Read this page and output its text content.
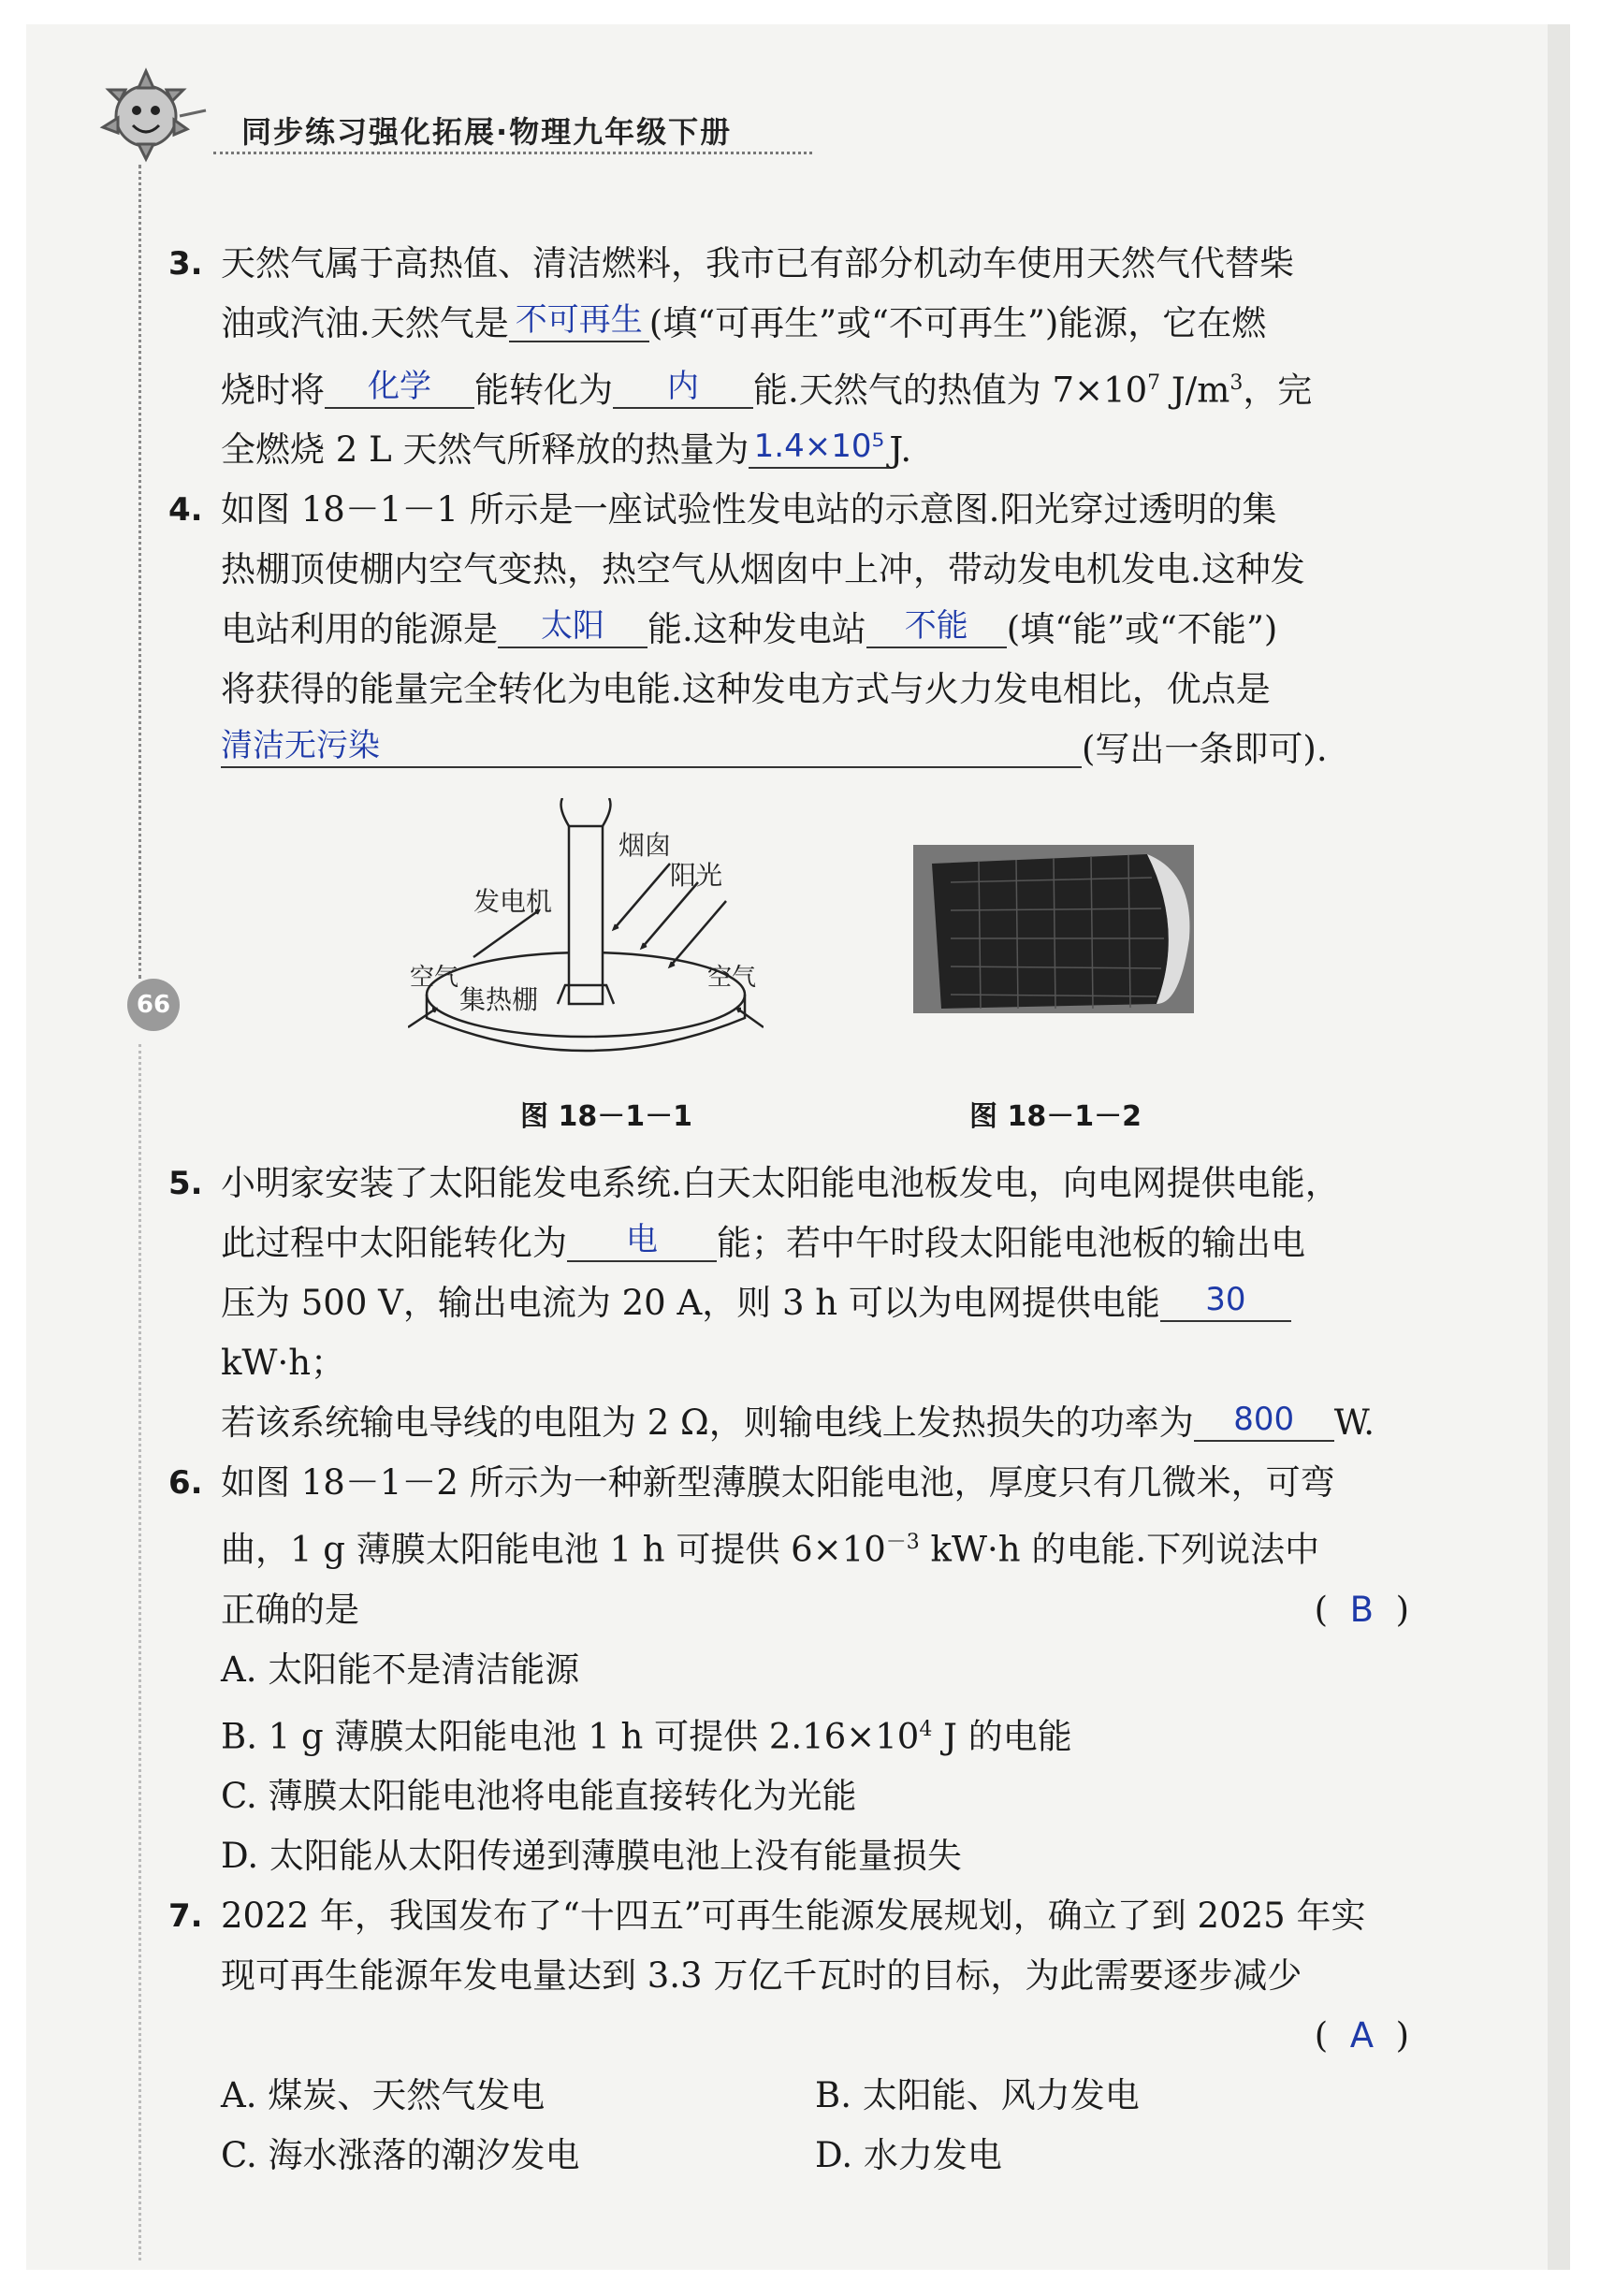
同步练习强化拓展·物理九年级下册
66

3. 天然气属于高热值、清洁燃料，我市已有部分机动车使用天然气代替柴

油或汽油.天然气是 不可再生 (填“可再生”或“不可再生”)能源，它在燃

烧时将	化学	能转化为	内	能.天然气的热值为 $7\times 10^7$ $J/m^3$，完

全燃烧 2 L 天然气所释放的热量为 1.4×10⁵ J.

4. 如图 18－1－1 所示是一座试验性发电站的示意图.阳光穿过透明的集

热棚顶使棚内空气变热，热空气从烟囱中上冲，带动发电机发电.这种发

电站利用的能源是	太阳	能.这种发电站	不能	(填“能”或“不能”)

将获得的能量完全转化为电能.这种发电方式与火力发电相比，优点是

清洁无污染	(写出一条即可).

烟囱
阳光
发电机
空气	空气
集热棚
图 18－1－1	图 18－1－2

5. 小明家安装了太阳能发电系统.白天太阳能电池板发电，向电网提供电能，

此过程中太阳能转化为	电	能；若中午时段太阳能电池板的输出电

压为 500 V，输出电流为 20 A，则 3 h 可以为电网提供电能	30
kW·h；

若该系统输电导线的电阻为 2 Ω，则输电线上发热损失的功率为	800	W.

6. 如图 18－1－2 所示为一种新型薄膜太阳能电池，厚度只有几微米，可弯

曲，1 g 薄膜太阳能电池 1 h 可提供 $6\times 10^{-3}$ kW·h 的电能.下列说法中

正确的是	( B )

A. 太阳能不是清洁能源
B. 1 g 薄膜太阳能电池 1 h 可提供 $2.16\times 10^4$ J 的电能
C. 薄膜太阳能电池将电能直接转化为光能
D. 太阳能从太阳传递到薄膜电池上没有能量损失

7. 2022 年，我国发布了“十四五”可再生能源发展规划，确立了到 2025 年实

现可再生能源年发电量达到 3.3 万亿千瓦时的目标，为此需要逐步减少

( A )

A. 煤炭、天然气发电	B. 太阳能、风力发电
C. 海水涨落的潮汐发电	D. 水力发电
